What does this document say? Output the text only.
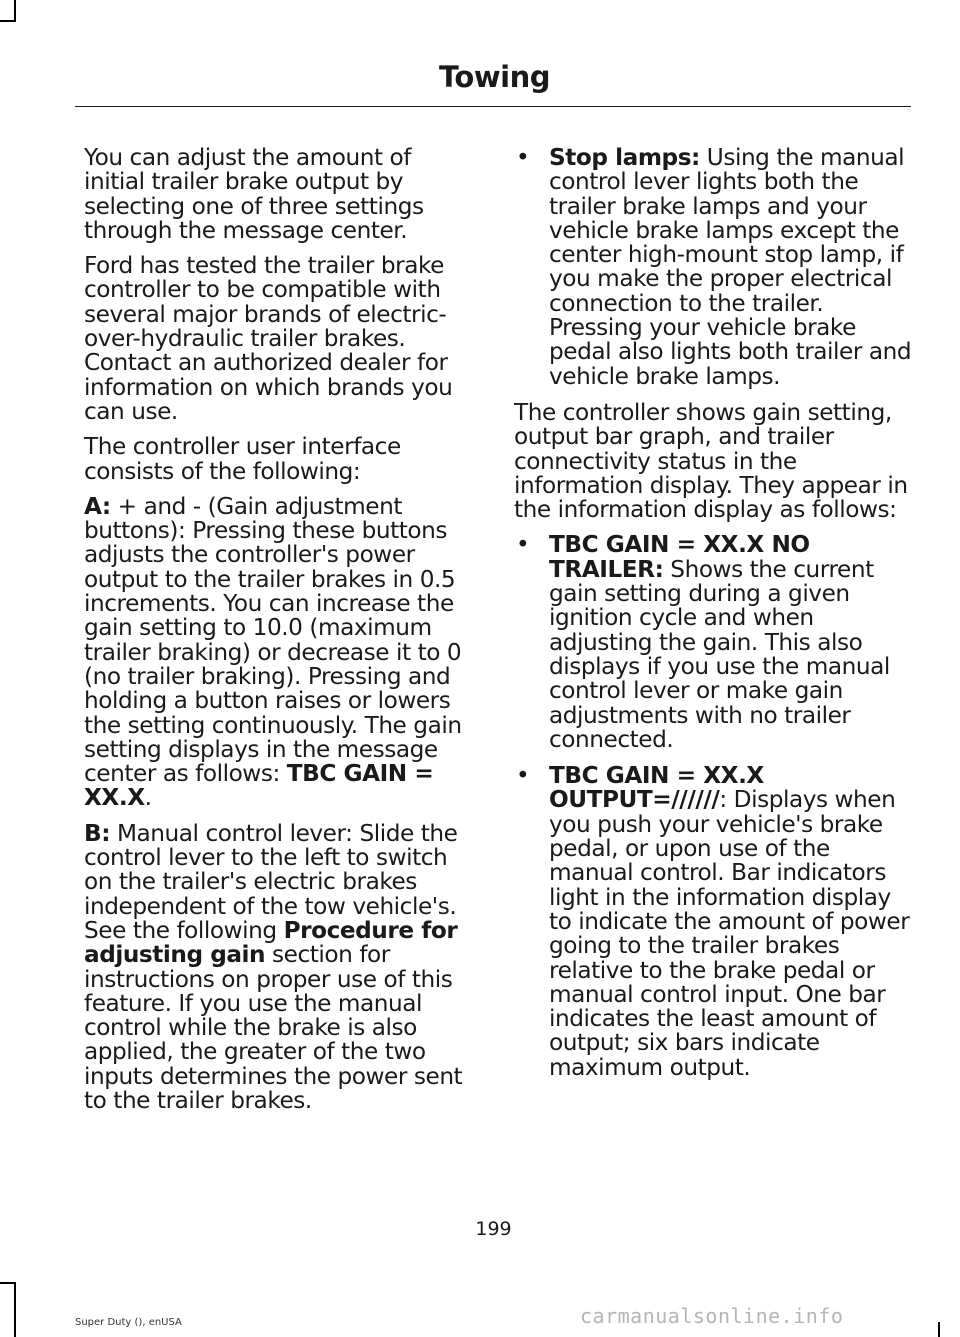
Towing

You can adjust the amount of initial trailer brake output by selecting one of three settings through the message center.

Ford has tested the trailer brake controller to be compatible with several major brands of electric-over-hydraulic trailer brakes. Contact an authorized dealer for information on which brands you can use.

The controller user interface consists of the following:

A: + and - (Gain adjustment buttons): Pressing these buttons adjusts the controller's power output to the trailer brakes in 0.5 increments. You can increase the gain setting to 10.0 (maximum trailer braking) or decrease it to 0 (no trailer braking). Pressing and holding a button raises or lowers the setting continuously. The gain setting displays in the message center as follows: TBC GAIN = XX.X.

B: Manual control lever: Slide the control lever to the left to switch on the trailer's electric brakes independent of the tow vehicle's. See the following Procedure for adjusting gain section for instructions on proper use of this feature. If you use the manual control while the brake is also applied, the greater of the two inputs determines the power sent to the trailer brakes.

• Stop lamps: Using the manual control lever lights both the trailer brake lamps and your vehicle brake lamps except the center high-mount stop lamp, if you make the proper electrical connection to the trailer. Pressing your vehicle brake pedal also lights both trailer and vehicle brake lamps.

The controller shows gain setting, output bar graph, and trailer connectivity status in the information display. They appear in the information display as follows:

• TBC GAIN = XX.X NO TRAILER: Shows the current gain setting during a given ignition cycle and when adjusting the gain. This also displays if you use the manual control lever or make gain adjustments with no trailer connected.
• TBC GAIN = XX.X OUTPUT=//////: Displays when you push your vehicle's brake pedal, or upon use of the manual control. Bar indicators light in the information display to indicate the amount of power going to the trailer brakes relative to the brake pedal or manual control input. One bar indicates the least amount of output; six bars indicate maximum output.
199
Super Duty (), enUSA	carmanualsonline.info
